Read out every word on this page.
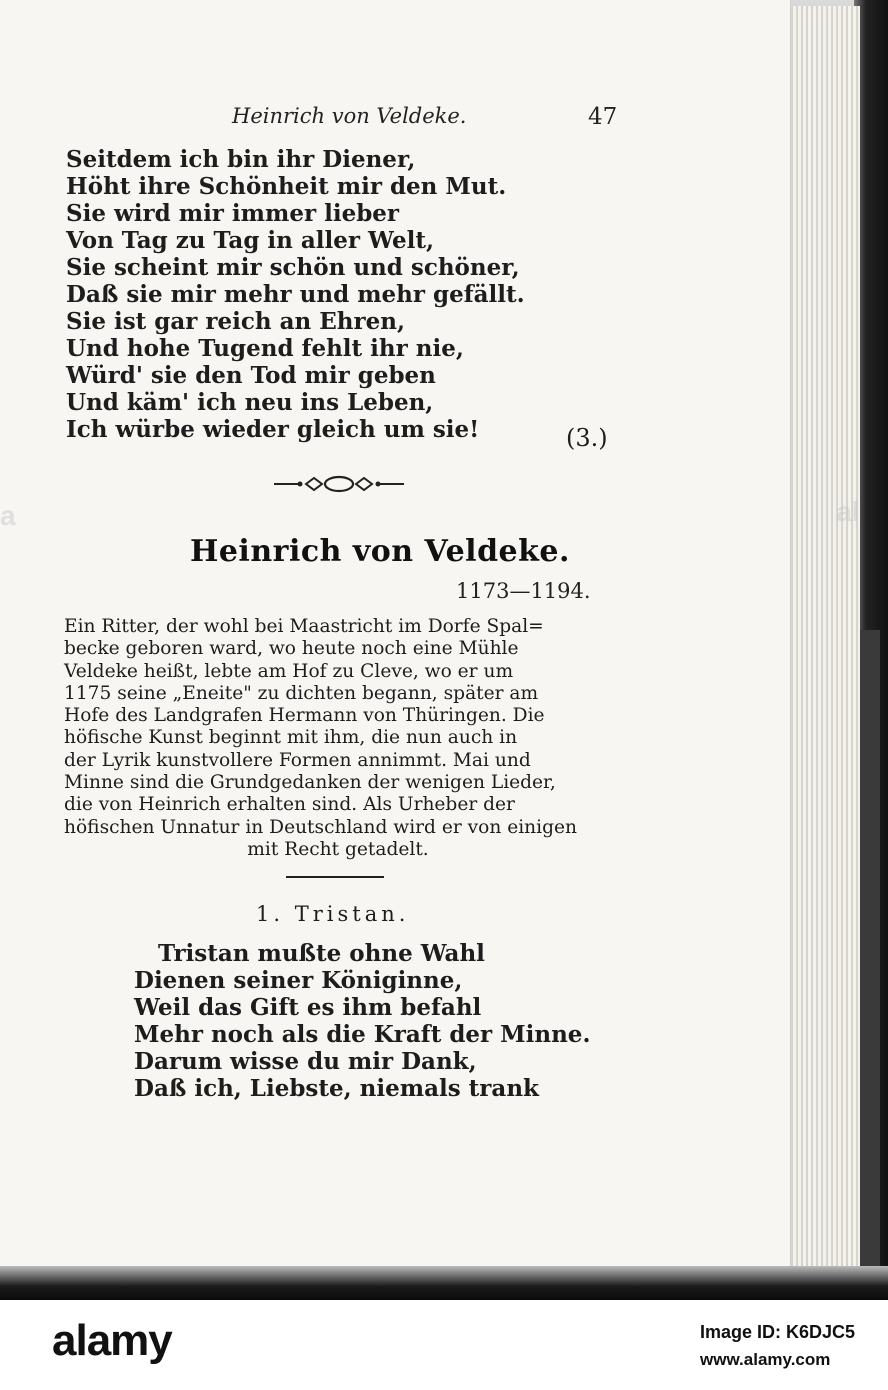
Heinrich von Veldeke.	47
Seitdem ich bin ihr Diener,
Höht ihre Schönheit mir den Mut.
Sie wird mir immer lieber
Von Tag zu Tag in aller Welt,
Sie scheint mir schön und schöner,
Daß sie mir mehr und mehr gefällt.
Sie ist gar reich an Ehren,
Und hohe Tugend fehlt ihr nie,
Würd' sie den Tod mir geben
Und käm' ich neu ins Leben,
Ich würbe wieder gleich um sie!	(3.)
Heinrich von Veldeke.
1173—1194.
Ein Ritter, der wohl bei Maastricht im Dorfe Spal=
becke geboren ward, wo heute noch eine Mühle
Veldeke heißt, lebte am Hof zu Cleve, wo er um
1175 seine „Eneite" zu dichten begann, später am
Hofe des Landgrafen Hermann von Thüringen. Die
höfische Kunst beginnt mit ihm, die nun auch in
der Lyrik kunstvollere Formen annimmt. Mai und
Minne sind die Grundgedanken der wenigen Lieder,
die von Heinrich erhalten sind. Als Urheber der
höfischen Unnatur in Deutschland wird er von einigen
mit Recht getadelt.
1. Tristan.
Tristan mußte ohne Wahl
Dienen seiner Königinne,
Weil das Gift es ihm befahl
Mehr noch als die Kraft der Minne.
Darum wisse du mir Dank,
Daß ich, Liebste, niemals trank
a	al
alamy	Image ID: K6DJC5
www.alamy.com
